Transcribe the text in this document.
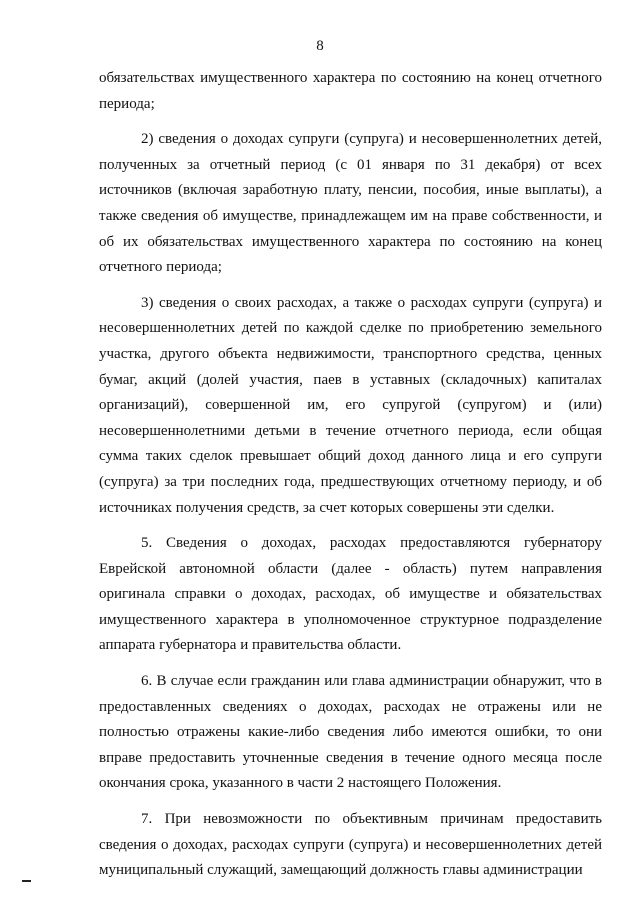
8

обязательствах имущественного характера по состоянию на конец отчетного периода;

2) сведения о доходах супруги (супруга) и несовершеннолетних детей, полученных за отчетный период (с 01 января по 31 декабря) от всех источников (включая заработную плату, пенсии, пособия, иные выплаты), а также сведения об имуществе, принадлежащем им на праве собственности, и об их обязательствах имущественного характера по состоянию на конец отчетного периода;

3) сведения о своих расходах, а также о расходах супруги (супруга) и несовершеннолетних детей по каждой сделке по приобретению земельного участка, другого объекта недвижимости, транспортного средства, ценных бумаг, акций (долей участия, паев в уставных (складочных) капиталах организаций), совершенной им, его супругой (супругом) и (или) несовершеннолетними детьми в течение отчетного периода, если общая сумма таких сделок превышает общий доход данного лица и его супруги (супруга) за три последних года, предшествующих отчетному периоду, и об источниках получения средств, за счет которых совершены эти сделки.

5. Сведения о доходах, расходах предоставляются губернатору Еврейской автономной области (далее - область) путем направления оригинала справки о доходах, расходах, об имуществе и обязательствах имущественного характера в уполномоченное структурное подразделение аппарата губернатора и правительства области.

6. В случае если гражданин или глава администрации обнаружит, что в предоставленных сведениях о доходах, расходах не отражены или не полностью отражены какие-либо сведения либо имеются ошибки, то они вправе предоставить уточненные сведения в течение одного месяца после окончания срока, указанного в части 2 настоящего Положения.

7. При невозможности по объективным причинам предоставить сведения о доходах, расходах супруги (супруга) и несовершеннолетних детей муниципальный служащий, замещающий должность главы администрации
